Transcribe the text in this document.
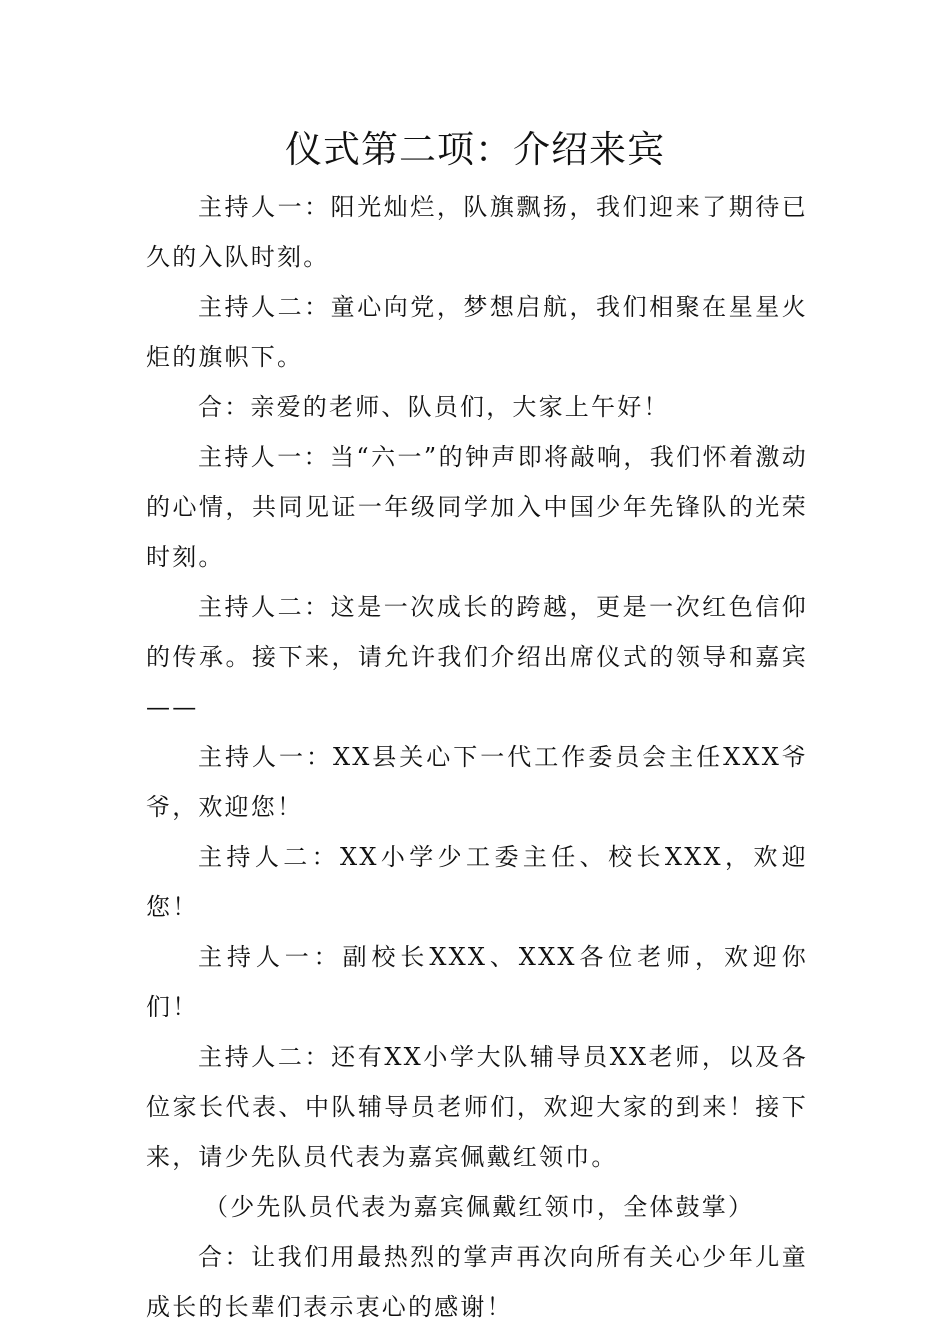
仪式第二项：介绍来宾

主持人一：阳光灿烂，队旗飘扬，我们迎来了期待已久的入队时刻。

主持人二：童心向党，梦想启航，我们相聚在星星火炬的旗帜下。

合：亲爱的老师、队员们，大家上午好！

主持人一：当“六一”的钟声即将敲响，我们怀着激动的心情，共同见证一年级同学加入中国少年先锋队的光荣时刻。

主持人二：这是一次成长的跨越，更是一次红色信仰的传承。接下来，请允许我们介绍出席仪式的领导和嘉宾——

主持人一：XX县关心下一代工作委员会主任XXX爷爷，欢迎您！

主持人二：XX小学少工委主任、校长XXX，欢迎您！

主持人一：副校长XXX、XXX各位老师，欢迎你们！

主持人二：还有XX小学大队辅导员XX老师，以及各位家长代表、中队辅导员老师们，欢迎大家的到来！接下来，请少先队员代表为嘉宾佩戴红领巾。

（少先队员代表为嘉宾佩戴红领巾，全体鼓掌）

合：让我们用最热烈的掌声再次向所有关心少年儿童成长的长辈们表示衷心的感谢！
